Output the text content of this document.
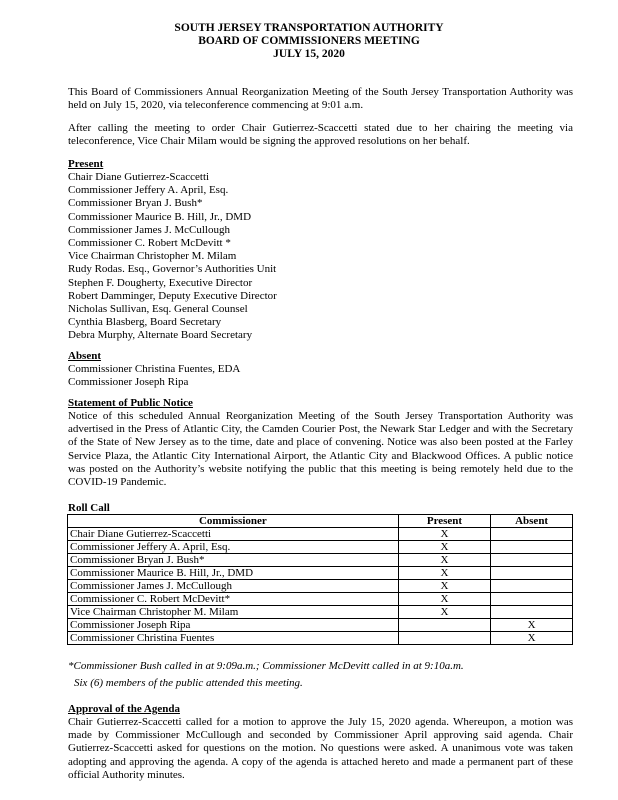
SOUTH JERSEY TRANSPORTATION AUTHORITY
BOARD OF COMMISSIONERS MEETING
JULY 15, 2020
This Board of Commissioners Annual Reorganization Meeting of the South Jersey Transportation Authority was held on July 15, 2020, via teleconference commencing at 9:01 a.m.
After calling the meeting to order Chair Gutierrez-Scaccetti stated due to her chairing the meeting via teleconference, Vice Chair Milam would be signing the approved resolutions on her behalf.
Present
Chair Diane Gutierrez-Scaccetti
Commissioner Jeffery A. April, Esq.
Commissioner Bryan J. Bush*
Commissioner Maurice B. Hill, Jr., DMD
Commissioner James J. McCullough
Commissioner C. Robert McDevitt *
Vice Chairman Christopher M. Milam
Rudy Rodas. Esq., Governor’s Authorities Unit
Stephen F. Dougherty, Executive Director
Robert Damminger, Deputy Executive Director
Nicholas Sullivan, Esq. General Counsel
Cynthia Blasberg, Board Secretary
Debra Murphy, Alternate Board Secretary
Absent
Commissioner Christina Fuentes, EDA
Commissioner Joseph Ripa
Statement of Public Notice
Notice of this scheduled Annual Reorganization Meeting of the South Jersey Transportation Authority was advertised in the Press of Atlantic City, the Camden Courier Post, the Newark Star Ledger and with the Secretary of the State of New Jersey as to the time, date and place of convening. Notice was also been posted at the Farley Service Plaza, the Atlantic City International Airport, the Atlantic City and Blackwood Offices. A public notice was posted on the Authority’s website notifying the public that this meeting is being remotely held due to the COVID-19 Pandemic.
Roll Call
Commissioner	Present	Absent
Chair Diane Gutierrez-Scaccetti	X	
Commissioner Jeffery A. April, Esq.	X	
Commissioner Bryan J. Bush*	X	
Commissioner Maurice B. Hill, Jr., DMD	X	
Commissioner James J. McCullough	X	
Commissioner C. Robert McDevitt*	X	
Vice Chairman Christopher M. Milam	X	
Commissioner Joseph Ripa		X
Commissioner Christina Fuentes		X
*Commissioner Bush called in at 9:09a.m.; Commissioner McDevitt called in at 9:10a.m.
Six (6) members of the public attended this meeting.
Approval of the Agenda
Chair Gutierrez-Scaccetti called for a motion to approve the July 15, 2020 agenda. Whereupon, a motion was made by Commissioner McCullough and seconded by Commissioner April approving said agenda. Chair Gutierrez-Scaccetti asked for questions on the motion. No questions were asked. A unanimous vote was taken adopting and approving the agenda. A copy of the agenda is attached hereto and made a permanent part of these official Authority minutes.
